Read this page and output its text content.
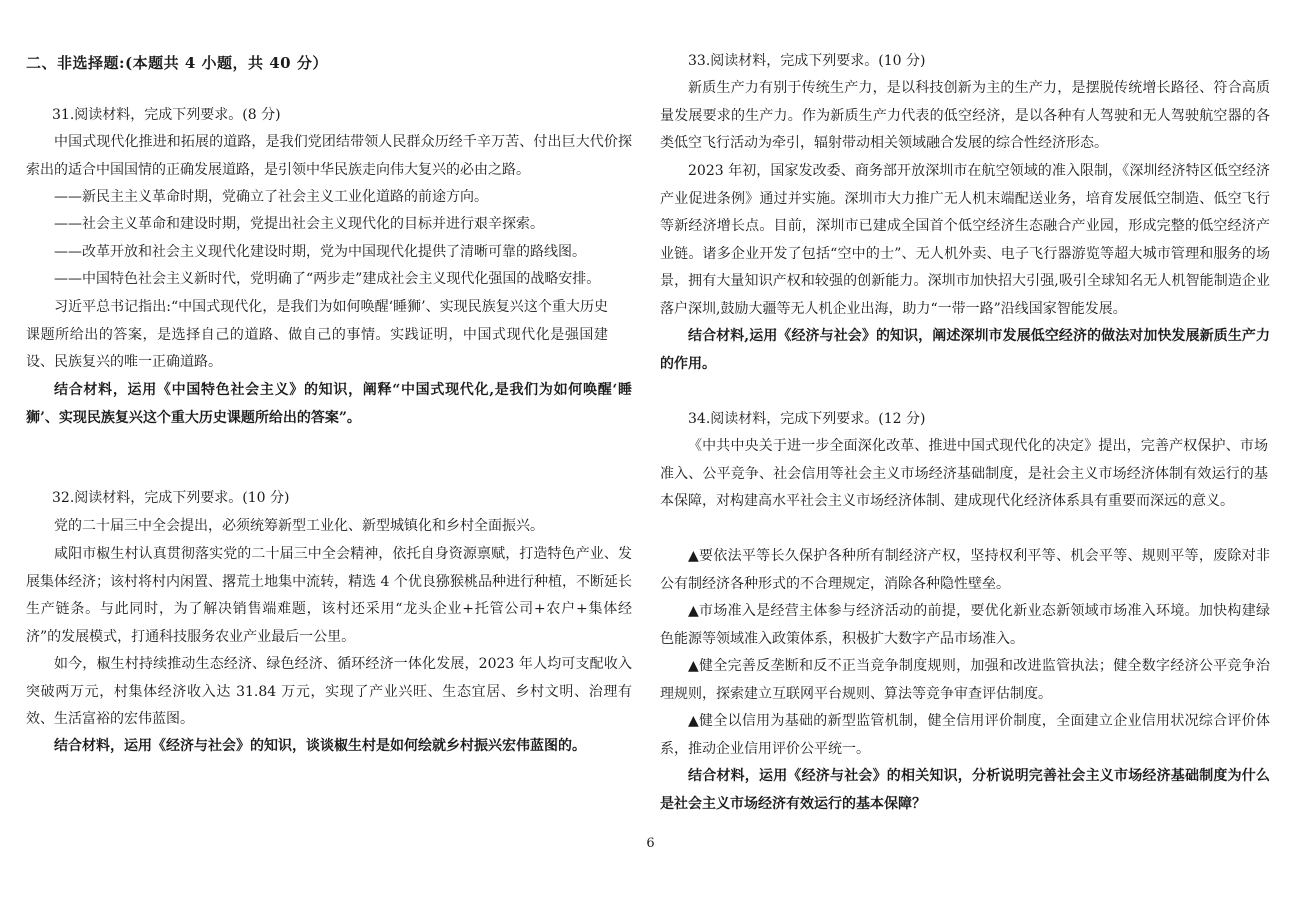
二、非选择题:(本题共 4 小题，共 40 分）
31.阅读材料，完成下列要求。(8 分)

中国式现代化推进和拓展的道路，是我们党团结带领人民群众历经千辛万苦、付出巨大代价探索出的适合中国国情的正确发展道路，是引领中华民族走向伟大复兴的必由之路。

——新民主主义革命时期，党确立了社会主义工业化道路的前途方向。

——社会主义革命和建设时期，党提出社会主义现代化的目标并进行艰辛探索。

——改革开放和社会主义现代化建设时期，党为中国现代化提供了清晰可靠的路线图。

——中国特色社会主义新时代，党明确了“两步走”建成社会主义现代化强国的战略安排。

习近平总书记指出:“中国式现代化，是我们为如何唤醒‘睡狮’、实现民族复兴这个重大历史课题所给出的答案，是选择自己的道路、做自己的事情。实践证明，中国式现代化是强国建设、民族复兴的唯一正确道路。

结合材料，运用《中国特色社会主义》的知识，阐释“中国式现代化,是我们为如何唤醒‘睡狮’、实现民族复兴这个重大历史课题所给出的答案”。

32.阅读材料，完成下列要求。(10 分)

党的二十届三中全会提出，必须统筹新型工业化、新型城镇化和乡村全面振兴。

咸阳市椒生村认真贯彻落实党的二十届三中全会精神，依托自身资源禀赋，打造特色产业、发展集体经济；该村将村内闲置、撂荒土地集中流转，精选 4 个优良猕猴桃品种进行种植，不断延长生产链条。与此同时，为了解决销售端难题，该村还采用“龙头企业+托管公司+农户+集体经济”的发展模式，打通科技服务农业产业最后一公里。

如今，椒生村持续推动生态经济、绿色经济、循环经济一体化发展，2023 年人均可支配收入突破两万元，村集体经济收入达 31.84 万元，实现了产业兴旺、生态宜居、乡村文明、治理有效、生活富裕的宏伟蓝图。

结合材料，运用《经济与社会》的知识，谈谈椒生村是如何绘就乡村振兴宏伟蓝图的。

33.阅读材料，完成下列要求。(10 分)

新质生产力有别于传统生产力，是以科技创新为主的生产力，是摆脱传统增长路径、符合高质量发展要求的生产力。作为新质生产力代表的低空经济，是以各种有人驾驶和无人驾驶航空器的各类低空飞行活动为牵引，辐射带动相关领域融合发展的综合性经济形态。

2023 年初，国家发改委、商务部开放深圳市在航空领域的准入限制，《深圳经济特区低空经济产业促进条例》通过并实施。深圳市大力推广无人机末端配送业务，培育发展低空制造、低空飞行等新经济增长点。目前，深圳市已建成全国首个低空经济生态融合产业园，形成完整的低空经济产业链。诸多企业开发了包括“空中的士”、无人机外卖、电子飞行器游览等超大城市管理和服务的场景，拥有大量知识产权和较强的创新能力。深圳市加快招大引强,吸引全球知名无人机智能制造企业落户深圳,鼓励大疆等无人机企业出海，助力“一带一路”沿线国家智能发展。

结合材料,运用《经济与社会》的知识，阐述深圳市发展低空经济的做法对加快发展新质生产力的作用。

34.阅读材料，完成下列要求。(12 分)

《中共中央关于进一步全面深化改革、推进中国式现代化的决定》提出，完善产权保护、市场准入、公平竞争、社会信用等社会主义市场经济基础制度，是社会主义市场经济体制有效运行的基本保障，对构建高水平社会主义市场经济体制、建成现代化经济体系具有重要而深远的意义。

▲要依法平等长久保护各种所有制经济产权，坚持权利平等、机会平等、规则平等，废除对非公有制经济各种形式的不合理规定，消除各种隐性壁垒。

▲市场准入是经营主体参与经济活动的前提，要优化新业态新领域市场准入环境。加快构建绿色能源等领域准入政策体系，积极扩大数字产品市场准入。

▲健全完善反垄断和反不正当竞争制度规则，加强和改进监管执法；健全数字经济公平竞争治理规则，探索建立互联网平台规则、算法等竞争审查评估制度。

▲健全以信用为基础的新型监管机制，健全信用评价制度，全面建立企业信用状况综合评价体系，推动企业信用评价公平统一。

结合材料，运用《经济与社会》的相关知识，分析说明完善社会主义市场经济基础制度为什么是社会主义市场经济有效运行的基本保障？

6
